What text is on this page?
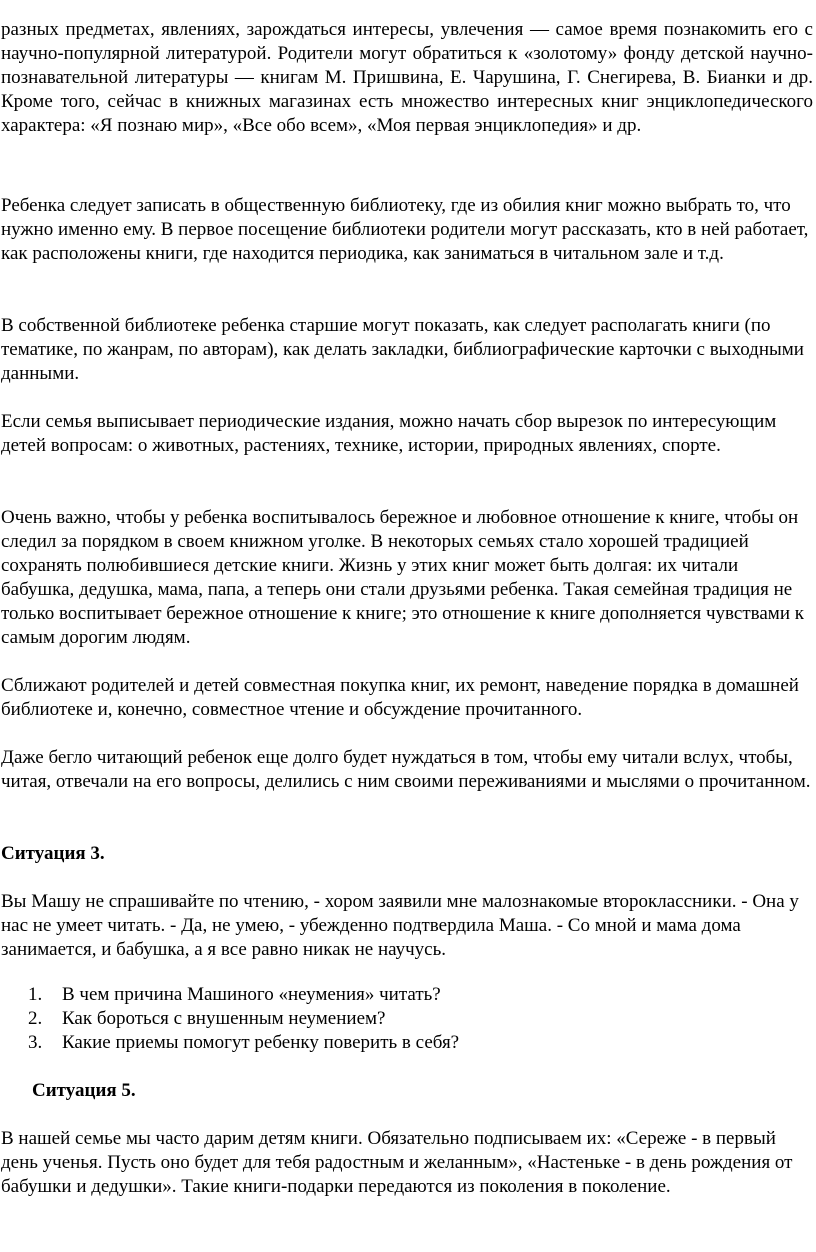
разных предметах, явлениях, зарождаться интересы, увлечения — самое время познакомить его с научно-популярной литературой. Родители могут обратиться к «золотому» фонду детской научно-познавательной литературы — книгам М. Пришвина, Е. Чарушина, Г. Снегирева, В. Бианки и др. Кроме того, сейчас в книжных магазинах есть множество интересных книг энциклопедического характера: «Я познаю мир», «Все обо всем», «Моя первая энциклопедия» и др.

Ребенка следует записать в общественную библиотеку, где из обилия книг можно выбрать то, что нужно именно ему. В первое посещение библиотеки родители могут рассказать, кто в ней работает, как расположены книги, где находится периодика, как заниматься в читальном зале и т.д.

В собственной библиотеке ребенка старшие могут показать, как следует располагать книги (по тематике, по жанрам, по авторам), как делать закладки, библиографические карточки с выходными данными.

Если семья выписывает периодические издания, можно начать сбор вырезок по интересующим детей вопросам: о животных, растениях, технике, истории, природных явлениях, спорте.

Очень важно, чтобы у ребенка воспитывалось бережное и любовное отношение к книге, чтобы он следил за порядком в своем книжном уголке. В некоторых семьях стало хорошей традицией сохранять полюбившиеся детские книги. Жизнь у этих книг может быть долгая: их читали бабушка, дедушка, мама, папа, а теперь они стали друзьями ребенка. Такая семейная традиция не только воспитывает бережное отношение к книге; это отношение к книге дополняется чувствами к самым дорогим людям.

Сближают родителей и детей совместная покупка книг, их ремонт, наведение порядка в домашней библиотеке и, конечно, совместное чтение и обсуждение прочитанного.

Даже бегло читающий ребенок еще долго будет нуждаться в том, чтобы ему читали вслух, чтобы, читая, отвечали на его вопросы, делились с ним своими переживаниями и мыслями о прочитанном.

Ситуация 3.

Вы Машу не спрашивайте по чтению, - хором заявили мне малознакомые второклассники. - Она у нас не умеет читать. - Да, не умею, - убежденно подтвердила Маша. - Со мной и мама дома занимается, и бабушка, а я все равно никак не научусь.

1. В чем причина Машиного «неумения» читать?
2. Как бороться с внушенным неумением?
3. Какие приемы помогут ребенку поверить в себя?

Ситуация 5.

В нашей семье мы часто дарим детям книги. Обязательно подписываем их: «Сереже - в первый день ученья. Пусть оно будет для тебя радостным и желанным», «Настеньке - в день рождения от бабушки и дедушки». Такие книги-подарки передаются из поколения в поколение.
